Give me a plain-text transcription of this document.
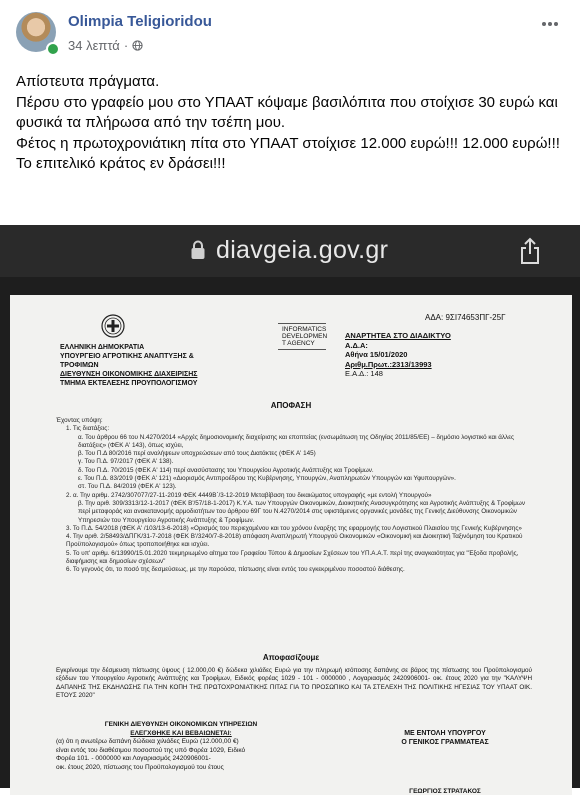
Olimpia Teligioridou
34 λεπτά ·

Απίστευτα πράγματα.

Πέρσυ στο γραφείο μου στο ΥΠΑΑΤ κόψαμε βασιλόπιτα που στοίχισε 30 ευρώ και φυσικά τα πλήρωσα από την τσέπη μου.

Φέτος η πρωτοχρονιάτικη πίτα στο ΥΠΑΑΤ στοίχισε 12.000 ευρώ!!! 12.000 ευρώ!!!

Το επιτελικό κράτος εν δράσει!!!

diavgeia.gov.gr
ΕΛΛΗΝΙΚΗ ΔΗΜΟΚΡΑΤΙΑ
ΥΠΟΥΡΓΕΙΟ ΑΓΡΟΤΙΚΗΣ ΑΝΑΠΤΥΞΗΣ &
ΤΡΟΦΙΜΩΝ
ΔΙΕΥΘΥΝΣΗ ΟΙΚΟΝΟΜΙΚΗΣ ΔΙΑΧΕΙΡΙΣΗΣ
ΤΜΗΜΑ ΕΚΤΕΛΕΣΗΣ ΠΡΟΥΠΟΛΟΓΙΣΜΟΥ
INFORMATICS
DEVELOPMEN
T AGENCY
ΑΔΑ: 9ΣΙ74653ΠΓ-25Γ
ΑΝΑΡΤΗΤΕΑ ΣΤΟ ΔΙΑΔΙΚΤΥΟ
Α.Δ.Α:
Αθήνα 15/01/2020
Αριθμ.Πρωτ.:2313/13993
Ε.Α.Δ.: 148
ΑΠΟΦΑΣΗ

Έχοντας υπόψη:

1. Τις διατάξεις:

α. Του άρθρου 66 του Ν.4270/2014 «Αρχές δημοσιονομικής διαχείρισης και εποπτείας (ενσωμάτωση της Οδηγίας 2011/85/ΕΕ) – δημόσιο λογιστικό και άλλες διατάξεις» (ΦΕΚ Α' 143), όπως ισχύει,

β. Του Π.Δ 80/2016 περί αναλήψεων υποχρεώσεων από τους Διατάκτες (ΦΕΚ Α' 145)

γ. Του Π.Δ. 97/2017 (ΦΕΚ Α' 138).

δ. Του Π.Δ. 70/2015 (ΦΕΚ Α' 114) περί ανασύστασης του Υπουργείου Αγροτικής Ανάπτυξης και Τροφίμων.

ε. Του Π.Δ. 83/2019 (ΦΕΚ Α' 121) «Διορισμός Αντιπροέδρου της Κυβέρνησης, Υπουργών, Αναπληρωτών Υπουργών και Υφυπουργών».

στ. Του Π.Δ. 84/2019 (ΦΕΚ Α' 123).

2. α. Την αριθμ. 2742/307077/27-11-2019 ΦΕΚ 4449Β΄/3-12-2019 Μεταβίβαση του δικαιώματος υπογραφής «με εντολή Υπουργού»

β. Την αριθ. 309/3313/12-1-2017 (ΦΕΚ Β'/57/18-1-2017) Κ.Υ.Α. των Υπουργών Οικονομικών, Διοικητικής Ανασυγκρότησης και Αγροτικής Ανάπτυξης & Τροφίμων περί μεταφοράς και ανακατανομής αρμοδιοτήτων του άρθρου 69Γ του Ν.4270/2014 στις υφιστάμενες οργανικές μονάδες της Γενικής Διεύθυνσης Οικονομικών Υπηρεσιών του Υπουργείου Αγροτικής Ανάπτυξης & Τροφίμων.

3. Το Π.Δ. 54/2018 (ΦΕΚ Α' /103/13-6-2018) «Ορισμός του περιεχομένου και του χρόνου έναρξης της εφαρμογής του Λογιστικού Πλαισίου της Γενικής Κυβέρνησης»

4. Την αριθ. 2/58493/ΔΠΓΚ/31-7-2018 (ΦΕΚ Β'/3240/7-8-2018) απόφαση Αναπληρωτή Υπουργού Οικονομικών «Οικονομική και Διοικητική Ταξινόμηση του Κρατικού Προϋπολογισμού» όπως τροποποιήθηκε και ισχύει.

5. Το υπ' αριθμ. 6/13990/15.01.2020 τεκμηριωμένο αίτημα του Γραφείου Τύπου & Δημοσίων Σχέσεων του ΥΠ.Α.Α.Τ. περί της αναγκαιότητας για "Έξοδα προβολής, διαφήμισης και δημοσίων σχέσεων"

6. Το γεγονός ότι, το ποσό της δεσμεύσεως, με την παρούσα, πίστωσης είναι εντός του εγκεκριμένου ποσοστού διάθεσης.

Αποφασίζουμε
Εγκρίνουμε την δέσμευση πίστωσης ύψους ( 12.000,00 €) δώδεκα χιλιάδες Ευρώ για την πληρωμή ισόποσης δαπάνης σε βάρος της πίστωσης του Προϋπολογισμού εξόδων του Υπουργείου Αγροτικής Ανάπτυξης και Τροφίμων, Ειδικός φορέας 1029 - 101 - 0000000 , Λογαριασμός 2420906001- οικ. έτους 2020 για την "ΚΑΛΥΨΗ ΔΑΠΑΝΗΣ ΤΗΣ ΕΚΔΗΛΩΣΗΣ ΓΙΑ ΤΗΝ ΚΟΠΗ ΤΗΣ ΠΡΩΤΟΧΡΟΝΙΑΤΙΚΗΣ ΠΙΤΑΣ ΓΙΑ ΤΟ ΠΡΟΣΩΠΙΚΟ ΚΑΙ ΤΑ ΣΤΕΛΕΧΗ ΤΗΣ ΠΟΛΙΤΙΚΗΣ ΗΓΕΣΙΑΣ ΤΟΥ ΥΠΑΑΤ ΟΙΚ. ΕΤΟΥΣ 2020"
ΓΕΝΙΚΗ ΔΙΕΥΘΥΝΣΗ ΟΙΚΟΝΟΜΙΚΩΝ ΥΠΗΡΕΣΙΩΝ
ΕΛΕΓΧΘΗΚΕ ΚΑΙ ΒΕΒΑΙΩΝΕΤΑΙ:
(α) ότι η ανωτέρω δαπάνη δώδεκα χιλιάδες Ευρώ (12.000,00 €)
είναι εντός του διαθέσιμου ποσοστού της υπό Φορέα 1029, Ειδικό
Φορέα 101. - 0000000 και Λογαριασμός 2420906001-
οικ. έτους 2020, πίστωσης του Προϋπολογισμού του έτους
ΜΕ ΕΝΤΟΛΗ ΥΠΟΥΡΓΟΥ
Ο ΓΕΝΙΚΟΣ ΓΡΑΜΜΑΤΕΑΣ
ΓΕΩΡΓΙΟΣ ΣΤΡΑΤΑΚΟΣ
